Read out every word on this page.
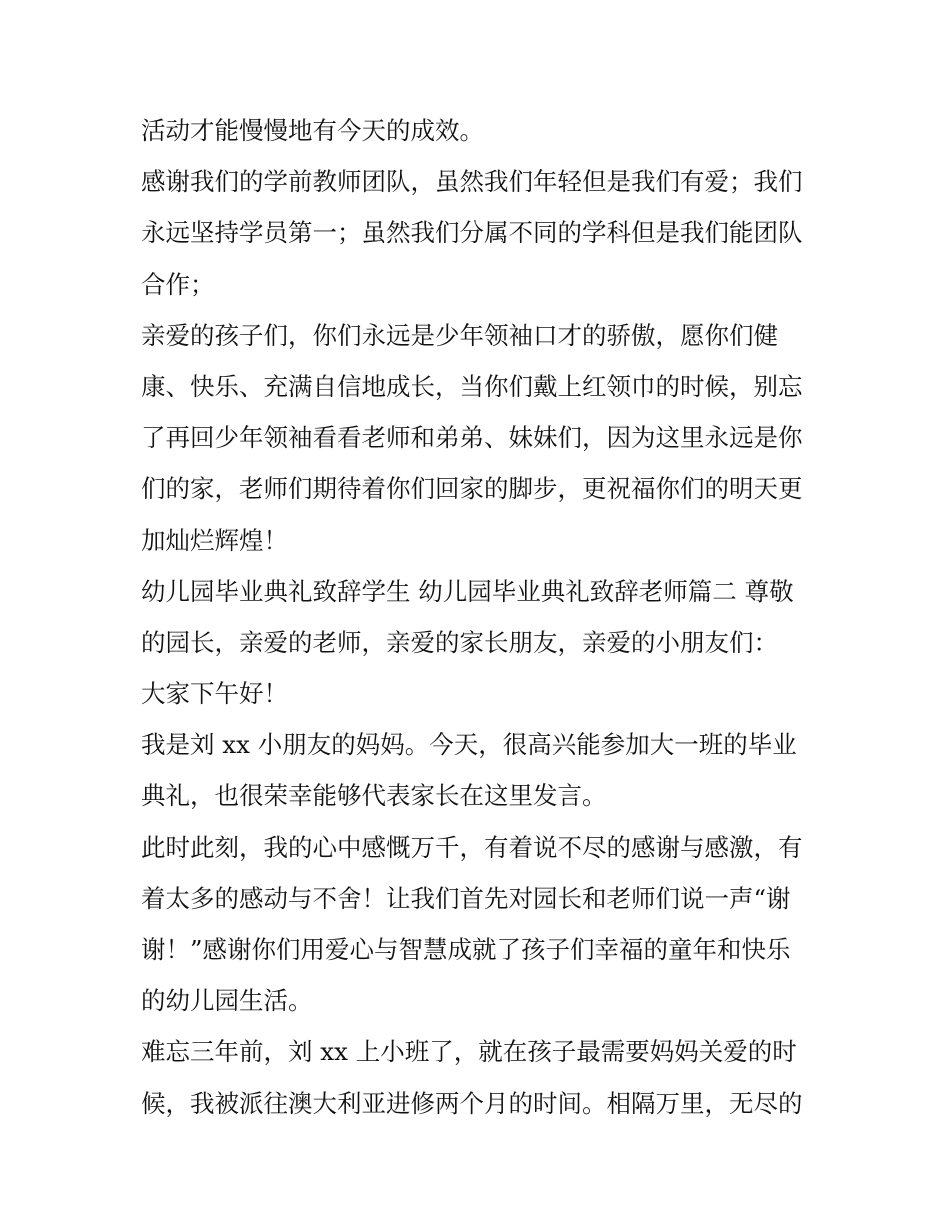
活动才能慢慢地有今天的成效。
感谢我们的学前教师团队，虽然我们年轻但是我们有爱；我们
永远坚持学员第一；虽然我们分属不同的学科但是我们能团队
合作；
亲爱的孩子们，你们永远是少年领袖口才的骄傲，愿你们健
康、快乐、充满自信地成长，当你们戴上红领巾的时候，别忘
了再回少年领袖看看老师和弟弟、妹妹们，因为这里永远是你
们的家，老师们期待着你们回家的脚步，更祝福你们的明天更
加灿烂辉煌！
幼儿园毕业典礼致辞学生 幼儿园毕业典礼致辞老师篇二 尊敬
的园长，亲爱的老师，亲爱的家长朋友，亲爱的小朋友们：
大家下午好！
我是刘 xx 小朋友的妈妈。今天，很高兴能参加大一班的毕业
典礼，也很荣幸能够代表家长在这里发言。
此时此刻，我的心中感慨万千，有着说不尽的感谢与感激，有
着太多的感动与不舍！让我们首先对园长和老师们说一声“谢
谢！”感谢你们用爱心与智慧成就了孩子们幸福的童年和快乐
的幼儿园生活。
难忘三年前，刘 xx 上小班了，就在孩子最需要妈妈关爱的时
候，我被派往澳大利亚进修两个月的时间。相隔万里，无尽的
